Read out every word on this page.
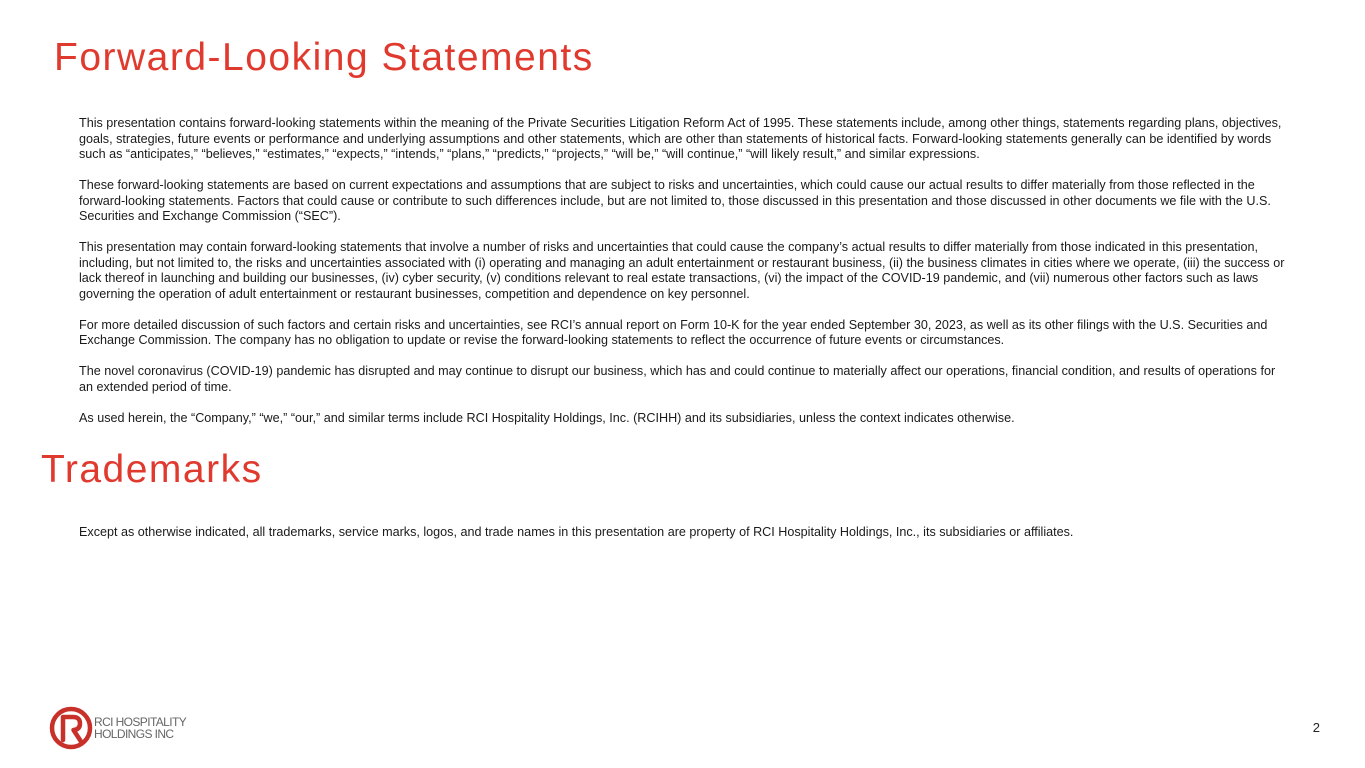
Forward-Looking Statements

This presentation contains forward-looking statements within the meaning of the Private Securities Litigation Reform Act of 1995. These statements include, among other things, statements regarding plans, objectives, goals, strategies, future events or performance and underlying assumptions and other statements, which are other than statements of historical facts. Forward-looking statements generally can be identified by words such as “anticipates,” “believes,” “estimates,” “expects,” “intends,” “plans,” “predicts,” “projects,” “will be,” “will continue,” “will likely result,” and similar expressions.

These forward-looking statements are based on current expectations and assumptions that are subject to risks and uncertainties, which could cause our actual results to differ materially from those reflected in the forward-looking statements. Factors that could cause or contribute to such differences include, but are not limited to, those discussed in this presentation and those discussed in other documents we file with the U.S. Securities and Exchange Commission (“SEC”).

This presentation may contain forward-looking statements that involve a number of risks and uncertainties that could cause the company’s actual results to differ materially from those indicated in this presentation, including, but not limited to, the risks and uncertainties associated with (i) operating and managing an adult entertainment or restaurant business, (ii) the business climates in cities where we operate, (iii) the success or lack thereof in launching and building our businesses, (iv) cyber security, (v) conditions relevant to real estate transactions, (vi) the impact of the COVID-19 pandemic, and (vii) numerous other factors such as laws governing the operation of adult entertainment or restaurant businesses, competition and dependence on key personnel.

For more detailed discussion of such factors and certain risks and uncertainties, see RCI’s annual report on Form 10-K for the year ended September 30, 2023, as well as its other filings with the U.S. Securities and Exchange Commission. The company has no obligation to update or revise the forward-looking statements to reflect the occurrence of future events or circumstances.

The novel coronavirus (COVID-19) pandemic has disrupted and may continue to disrupt our business, which has and could continue to materially affect our operations, financial condition, and results of operations for an extended period of time.

As used herein, the “Company,” “we,” “our,” and similar terms include RCI Hospitality Holdings, Inc. (RCIHH) and its subsidiaries, unless the context indicates otherwise.

Trademarks

Except as otherwise indicated, all trademarks, service marks, logos, and trade names in this presentation are property of RCI Hospitality Holdings, Inc., its subsidiaries or affiliates.

RCI HOSPITALITY
HOLDINGS INC	2
